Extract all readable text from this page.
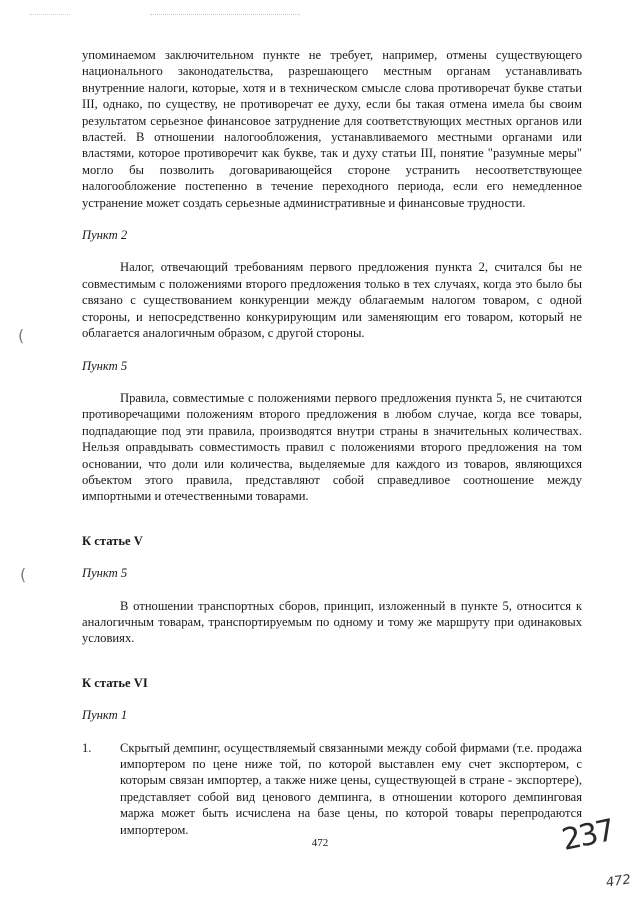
упоминаемом заключительном пункте не требует, например, отмены существующего национального законодательства, разрешающего местным органам устанавливать внутренние налоги, которые, хотя и в техническом смысле слова противоречат букве статьи III, однако, по существу, не противоречат ее духу, если бы такая отмена имела бы своим результатом серьезное финансовое затруднение для соответствующих местных органов или властей. В отношении налогообложения, устанавливаемого местными органами или властями, которое противоречит как букве, так и духу статьи III, понятие "разумные меры" могло бы позволить договаривающейся стороне устранить несоответствующее налогообложение постепенно в течение переходного периода, если его немедленное устранение может создать серьезные административные и финансовые трудности.

Пункт 2

Налог, отвечающий требованиям первого предложения пункта 2, считался бы не совместимым с положениями второго предложения только в тех случаях, когда это было бы связано с существованием конкуренции между облагаемым налогом товаром, с одной стороны, и непосредственно конкурирующим или заменяющим его товаром, который не облагается аналогичным образом, с другой стороны.

Пункт 5

Правила, совместимые с положениями первого предложения пункта 5, не считаются противоречащими положениям второго предложения в любом случае, когда все товары, подпадающие под эти правила, производятся внутри страны в значительных количествах. Нельзя оправдывать совместимость правил с положениями второго предложения на том основании, что доли или количества, выделяемые для каждого из товаров, являющихся объектом этого правила, представляют собой справедливое соотношение между импортными и отечественными товарами.

К статье V

Пункт 5

В отношении транспортных сборов, принцип, изложенный в пункте 5, относится к аналогичным товарам, транспортируемым по одному и тому же маршруту при одинаковых условиях.

К статье VI

Пункт 1

1.	Скрытый демпинг, осуществляемый связанными между собой фирмами (т.е. продажа импортером по цене ниже той, по которой выставлен ему счет экспортером, с которым связан импортер, а также ниже цены, существующей в стране - экспортере), представляет собой вид ценового демпинга, в отношении которого демпинговая маржа может быть исчислена на базе цены, по которой товары перепродаются импортером.
(
(
472	237
472
